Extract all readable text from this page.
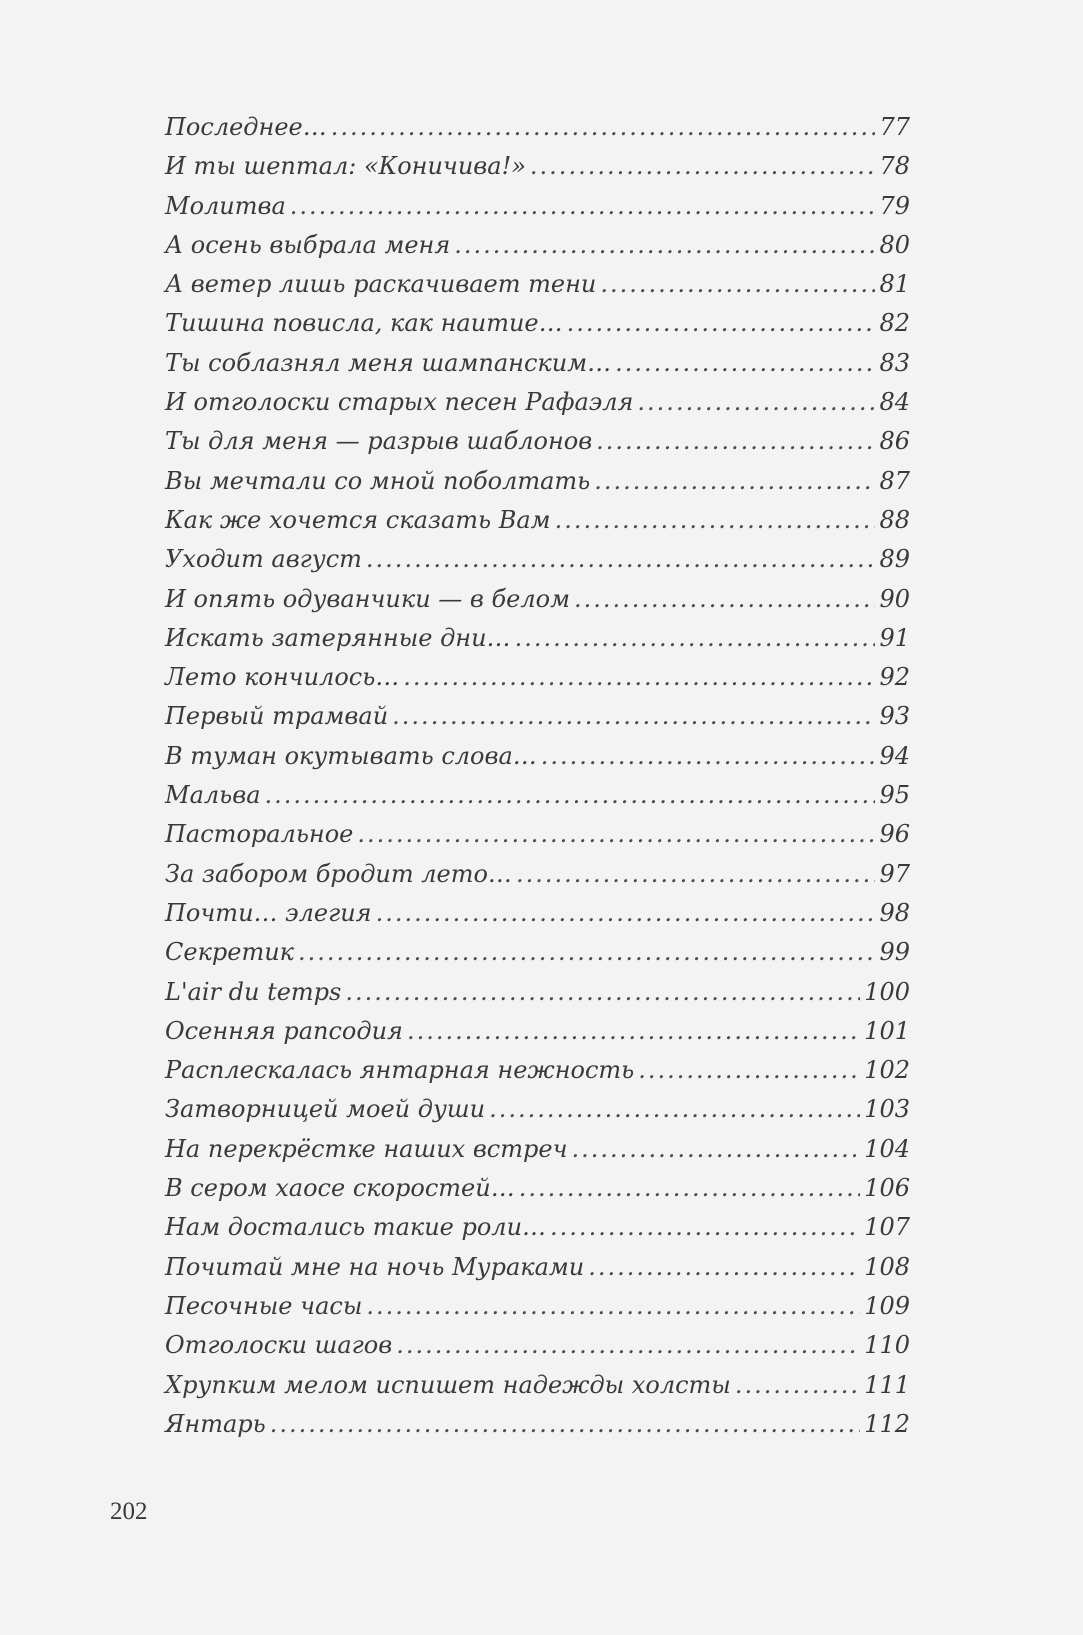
Последнее… .....	77
И ты шептал: «Коничива!» .....	78
Молитва .....	79
А осень выбрала меня .....	80
А ветер лишь раскачивает тени .....	81
Тишина повисла, как наитие… .....	82
Ты соблазнял меня шампанским… .....	83
И отголоски старых песен Рафаэля .....	84
Ты для меня — разрыв шаблонов .....	86
Вы мечтали со мной поболтать .....	87
Как же хочется сказать Вам .....	88
Уходит август .....	89
И опять одуванчики — в белом .....	90
Искать затерянные дни… .....	91
Лето кончилось… .....	92
Первый трамвай .....	93
В туман окутывать слова… .....	94
Мальва .....	95
Пасторальное .....	96
За забором бродит лето… .....	97
Почти… элегия .....	98
Секретик .....	99
L'air du temps .....	100
Осенняя рапсодия .....	101
Расплескалась янтарная нежность .....	102
Затворницей моей души .....	103
На перекрёстке наших встреч .....	104
В сером хаосе скоростей… .....	106
Нам достались такие роли… .....	107
Почитай мне на ночь Мураками .....	108
Песочные часы .....	109
Отголоски шагов .....	110
Хрупким мелом испишет надежды холсты .....	111
Янтарь .....	112
202
